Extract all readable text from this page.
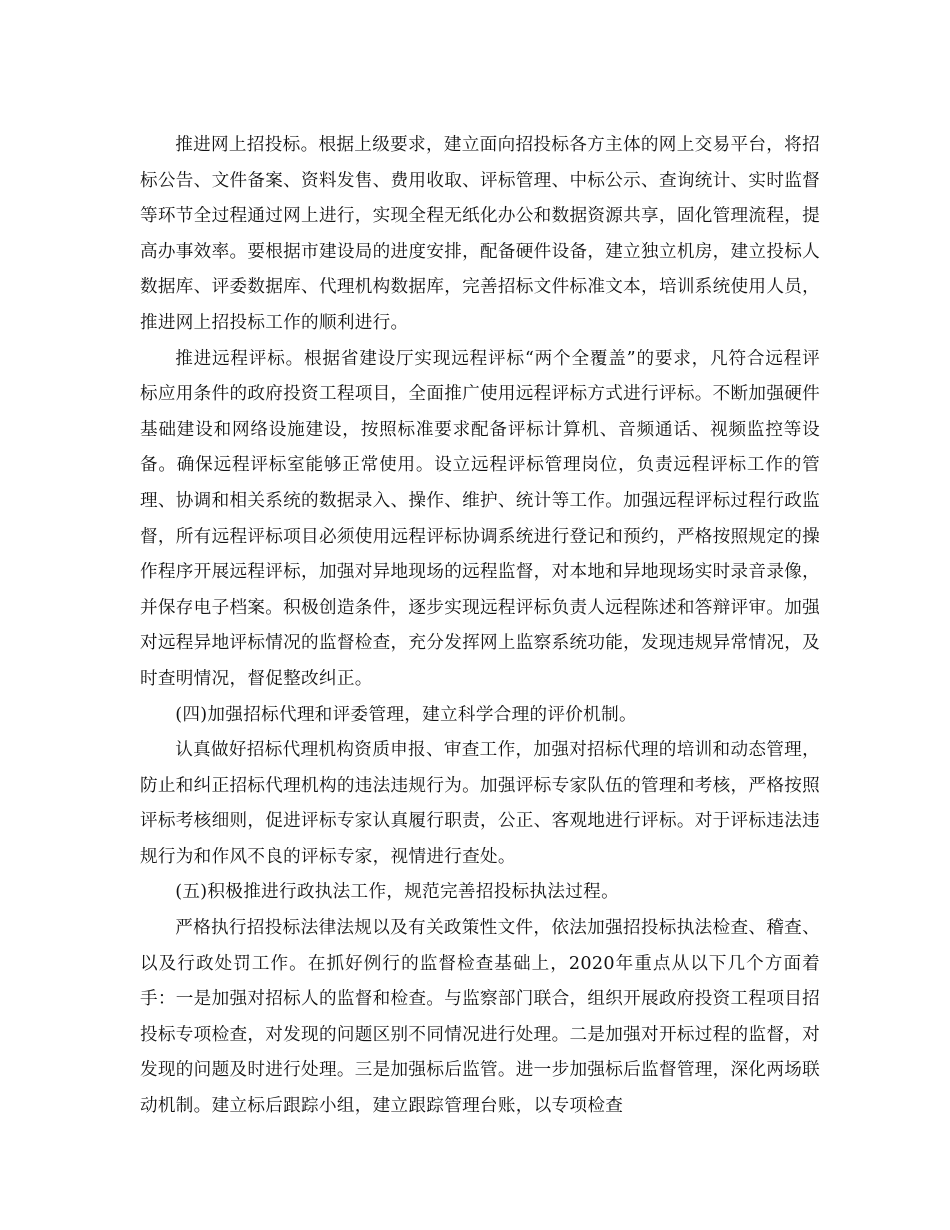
推进网上招投标。根据上级要求，建立面向招投标各方主体的网上交易平台，将招标公告、文件备案、资料发售、费用收取、评标管理、中标公示、查询统计、实时监督等环节全过程通过网上进行，实现全程无纸化办公和数据资源共享，固化管理流程，提高办事效率。要根据市建设局的进度安排，配备硬件设备，建立独立机房，建立投标人数据库、评委数据库、代理机构数据库，完善招标文件标准文本，培训系统使用人员，推进网上招投标工作的顺利进行。

推进远程评标。根据省建设厅实现远程评标“两个全覆盖”的要求，凡符合远程评标应用条件的政府投资工程项目，全面推广使用远程评标方式进行评标。不断加强硬件基础建设和网络设施建设，按照标准要求配备评标计算机、音频通话、视频监控等设备。确保远程评标室能够正常使用。设立远程评标管理岗位，负责远程评标工作的管理、协调和相关系统的数据录入、操作、维护、统计等工作。加强远程评标过程行政监督，所有远程评标项目必须使用远程评标协调系统进行登记和预约，严格按照规定的操作程序开展远程评标，加强对异地现场的远程监督，对本地和异地现场实时录音录像，并保存电子档案。积极创造条件，逐步实现远程评标负责人远程陈述和答辩评审。加强对远程异地评标情况的监督检查，充分发挥网上监察系统功能，发现违规异常情况，及时查明情况，督促整改纠正。

(四)加强招标代理和评委管理，建立科学合理的评价机制。

认真做好招标代理机构资质申报、审查工作，加强对招标代理的培训和动态管理，防止和纠正招标代理机构的违法违规行为。加强评标专家队伍的管理和考核，严格按照评标考核细则，促进评标专家认真履行职责，公正、客观地进行评标。对于评标违法违规行为和作风不良的评标专家，视情进行查处。

(五)积极推进行政执法工作，规范完善招投标执法过程。

严格执行招投标法律法规以及有关政策性文件，依法加强招投标执法检查、稽查、以及行政处罚工作。在抓好例行的监督检查基础上，2020年重点从以下几个方面着手：一是加强对招标人的监督和检查。与监察部门联合，组织开展政府投资工程项目招投标专项检查，对发现的问题区别不同情况进行处理。二是加强对开标过程的监督，对发现的问题及时进行处理。三是加强标后监管。进一步加强标后监督管理，深化两场联动机制。建立标后跟踪小组，建立跟踪管理台账，以专项检查
